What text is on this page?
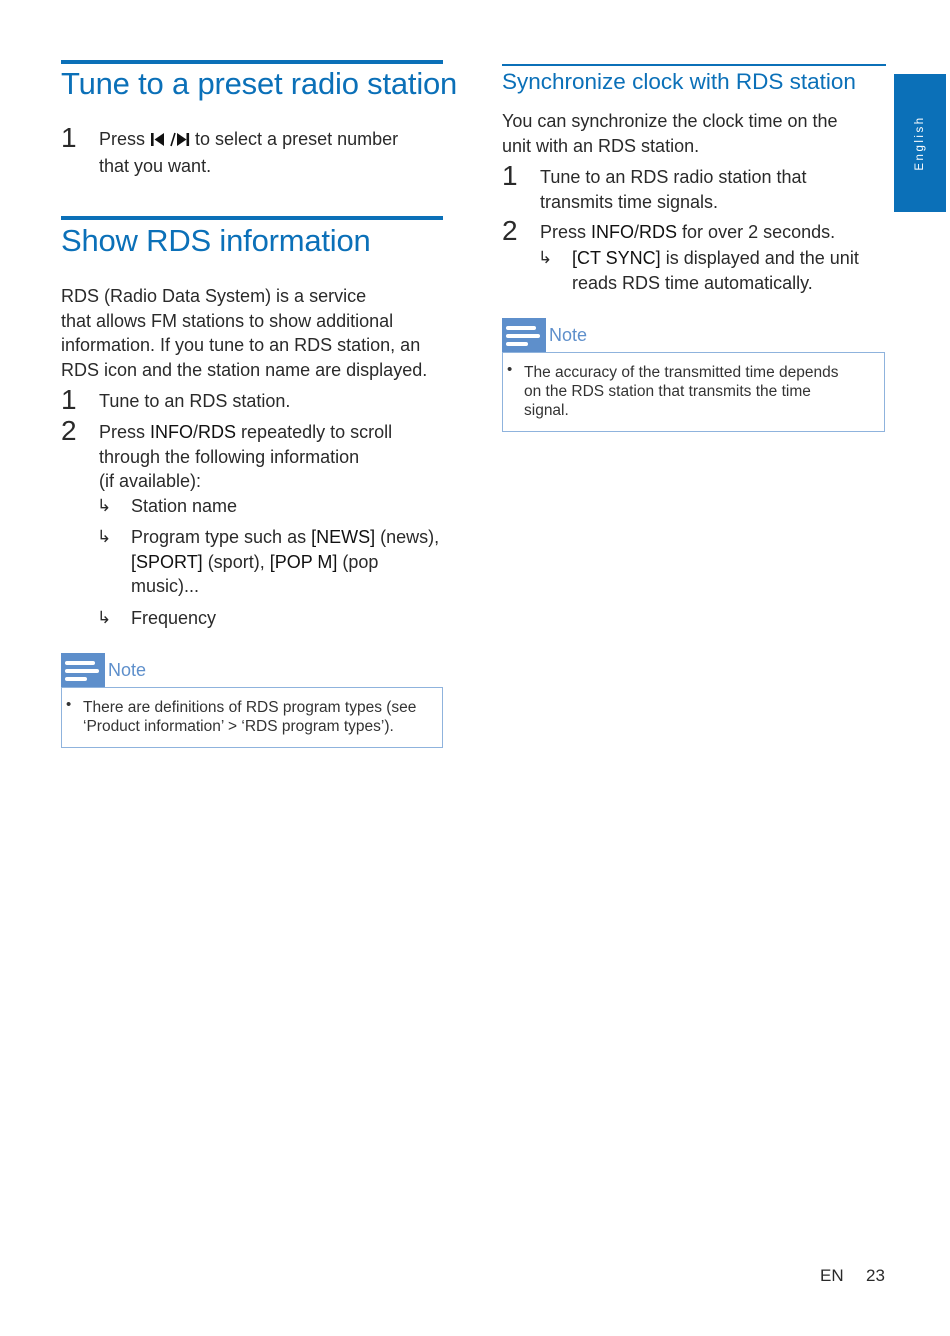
Tune to a preset radio station
1 Press  to select a preset number
that you want.
Show RDS information
RDS (Radio Data System) is a service
that allows FM stations to show additional
information. If you tune to an RDS station, an
RDS icon and the station name are displayed.
1 Tune to an RDS station.
2 Press INFO/RDS repeatedly to scroll
through the following information
(if available):
↳ Station name
↳ Program type such as [NEWS] (news),
[SPORT] (sport), [POP M] (pop
music)...
↳ Frequency
Note
• There are definitions of RDS program types (see
‘Product information’ > ‘RDS program types’).
Synchronize clock with RDS station
You can synchronize the clock time on the
unit with an RDS station.
1 Tune to an RDS radio station that
transmits time signals.
2 Press INFO/RDS for over 2 seconds.
↳ [CT SYNC] is displayed and the unit
reads RDS time automatically.
Note
• The accuracy of the transmitted time depends
on the RDS station that transmits the time
signal.
English
EN 23
